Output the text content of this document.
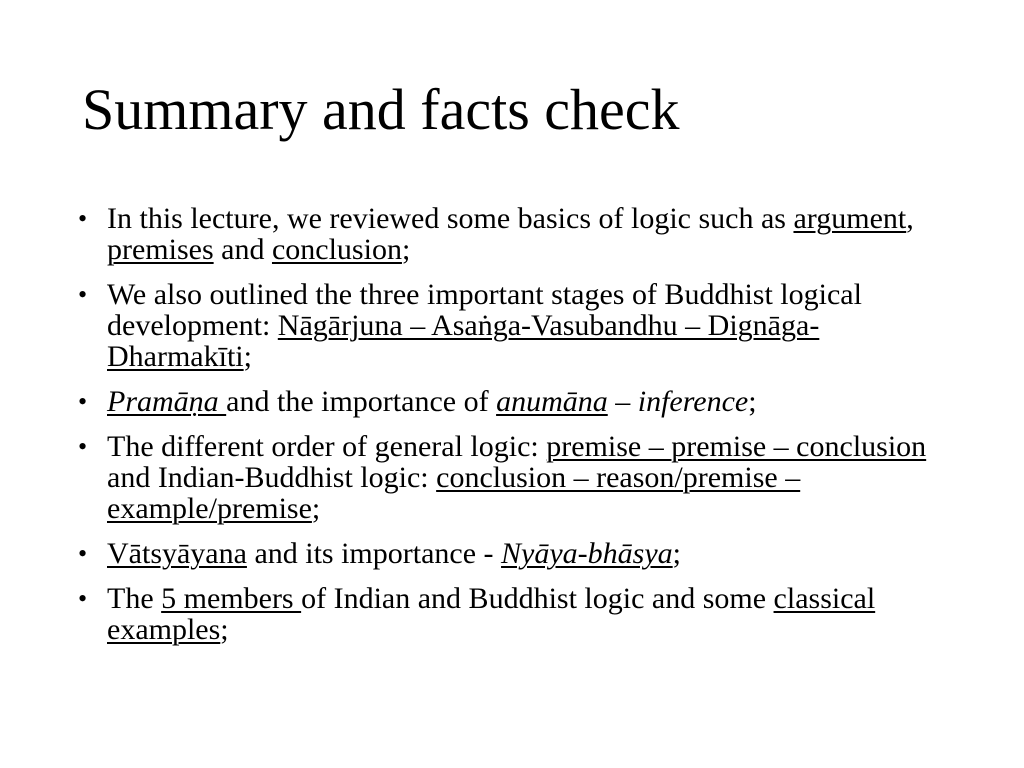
Summary and facts check
• In this lecture, we reviewed some basics of logic such as argument, premises and conclusion;
• We also outlined the three important stages of Buddhist logical development: Nāgārjuna – Asaṅga-Vasubandhu – Dignāga-Dharmakīti;
• Pramāṇa and the importance of anumāna – inference;
• The different order of general logic: premise – premise – conclusion and Indian-Buddhist logic: conclusion – reason/premise – example/premise;
• Vātsyāyana and its importance - Nyāya-bhāsya;
• The 5 members of Indian and Buddhist logic and some classical examples;
